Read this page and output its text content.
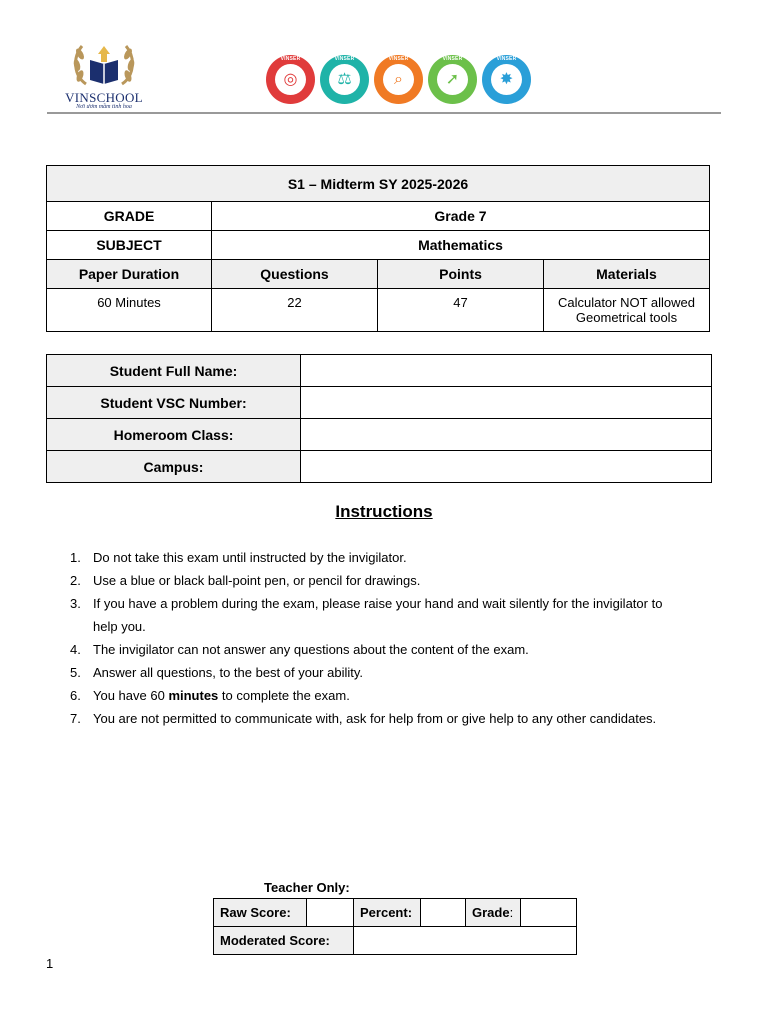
VINSCHOOL
Nơi ươm mầm tinh hoa
VINSER
◎
VINSER
⚖
VINSER
⌕
VINSER
➚
VINSER
✸
S1 – Midterm SY 2025-2026			
GRADE	Grade 7		
SUBJECT	Mathematics		
Paper Duration	Questions	Points	Materials
60 Minutes	22	47	Calculator NOT allowed
Geometrical tools
Student Full Name:	
Student VSC Number:	
Homeroom Class:	
Campus:	
Instructions
1. Do not take this exam until instructed by the invigilator.
2. Use a blue or black ball-point pen, or pencil for drawings.
3. If you have a problem during the exam, please raise your hand and wait silently for the invigilator to
help you.
4. The invigilator can not answer any questions about the content of the exam.
5. Answer all questions, to the best of your ability.
6. You have 60 minutes to complete the exam.
7. You are not permitted to communicate with, ask for help from or give help to any other candidates.
Teacher Only:
Raw Score:		Percent:		Grade:	
Moderated Score:					
1
